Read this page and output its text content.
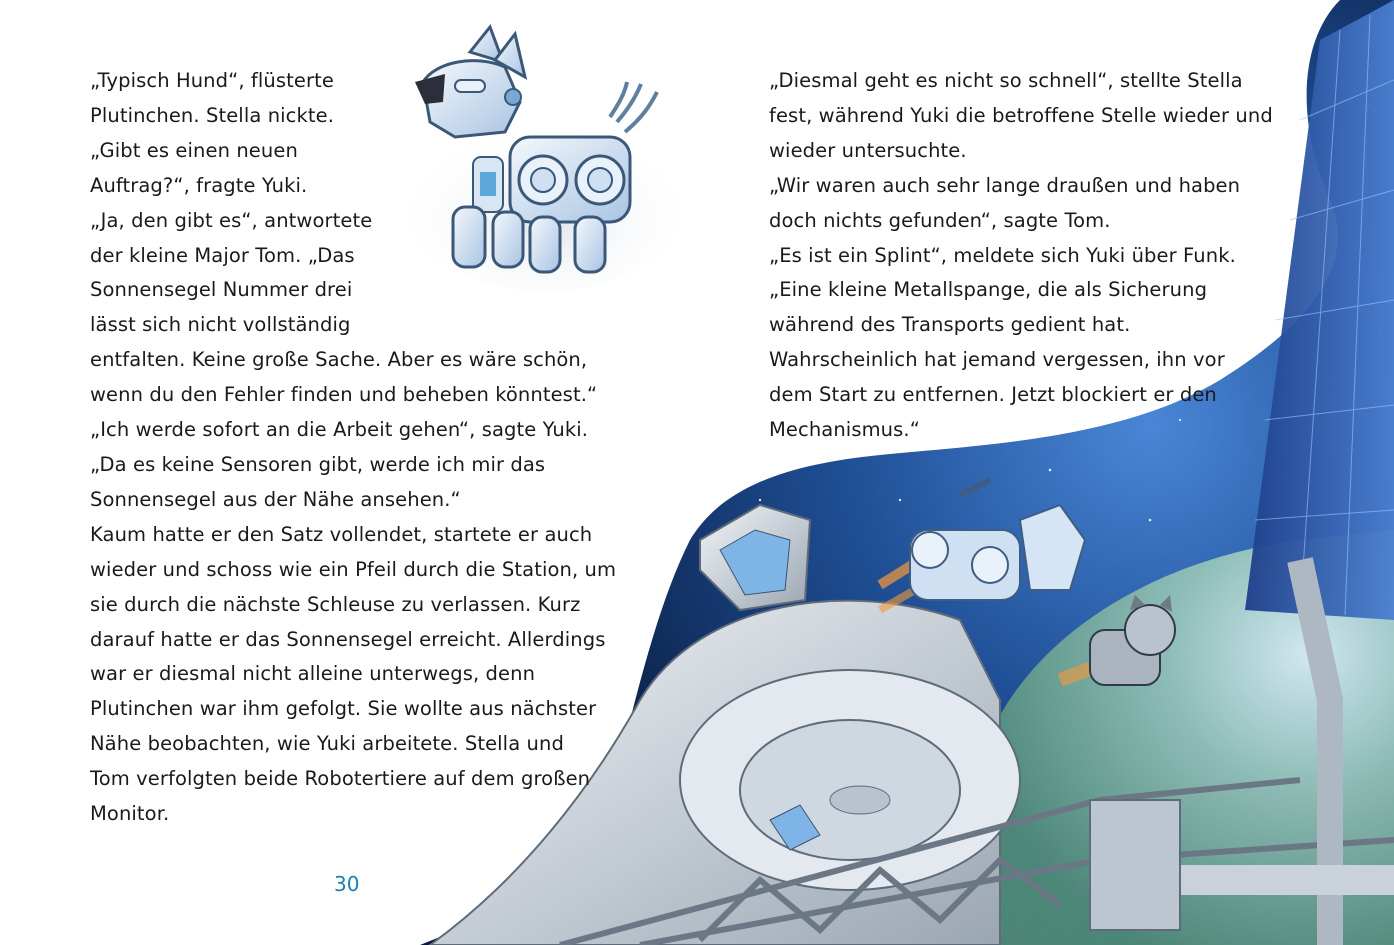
„Typisch Hund“, flüsterte
Plutinchen. Stella nickte.
„Gibt es einen neuen
Auftrag?“, fragte Yuki.
„Ja, den gibt es“, antwortete
der kleine Major Tom. „Das
Sonnensegel Nummer drei
lässt sich nicht vollständig
entfalten. Keine große Sache. Aber es wäre schön,
wenn du den Fehler finden und beheben könntest.“
„Ich werde sofort an die Arbeit gehen“, sagte Yuki.
„Da es keine Sensoren gibt, werde ich mir das
Sonnensegel aus der Nähe ansehen.“
Kaum hatte er den Satz vollendet, startete er auch
wieder und schoss wie ein Pfeil durch die Station, um
sie durch die nächste Schleuse zu verlassen. Kurz
darauf hatte er das Sonnensegel erreicht. Allerdings
war er diesmal nicht alleine unterwegs, denn
Plutinchen war ihm gefolgt. Sie wollte aus nächster
Nähe beobachten, wie Yuki arbeitete. Stella und
Tom verfolgten beide Robotertiere auf dem großen
Monitor.
„Diesmal geht es nicht so schnell“, stellte Stella
fest, während Yuki die betroffene Stelle wieder und
wieder untersuchte.
„Wir waren auch sehr lange draußen und haben
doch nichts gefunden“, sagte Tom.
„Es ist ein Splint“, meldete sich Yuki über Funk.
„Eine kleine Metallspange, die als Sicherung
während des Transports gedient hat.
Wahrscheinlich hat jemand vergessen, ihn vor
dem Start zu entfernen. Jetzt blockiert er den
Mechanismus.“
30
